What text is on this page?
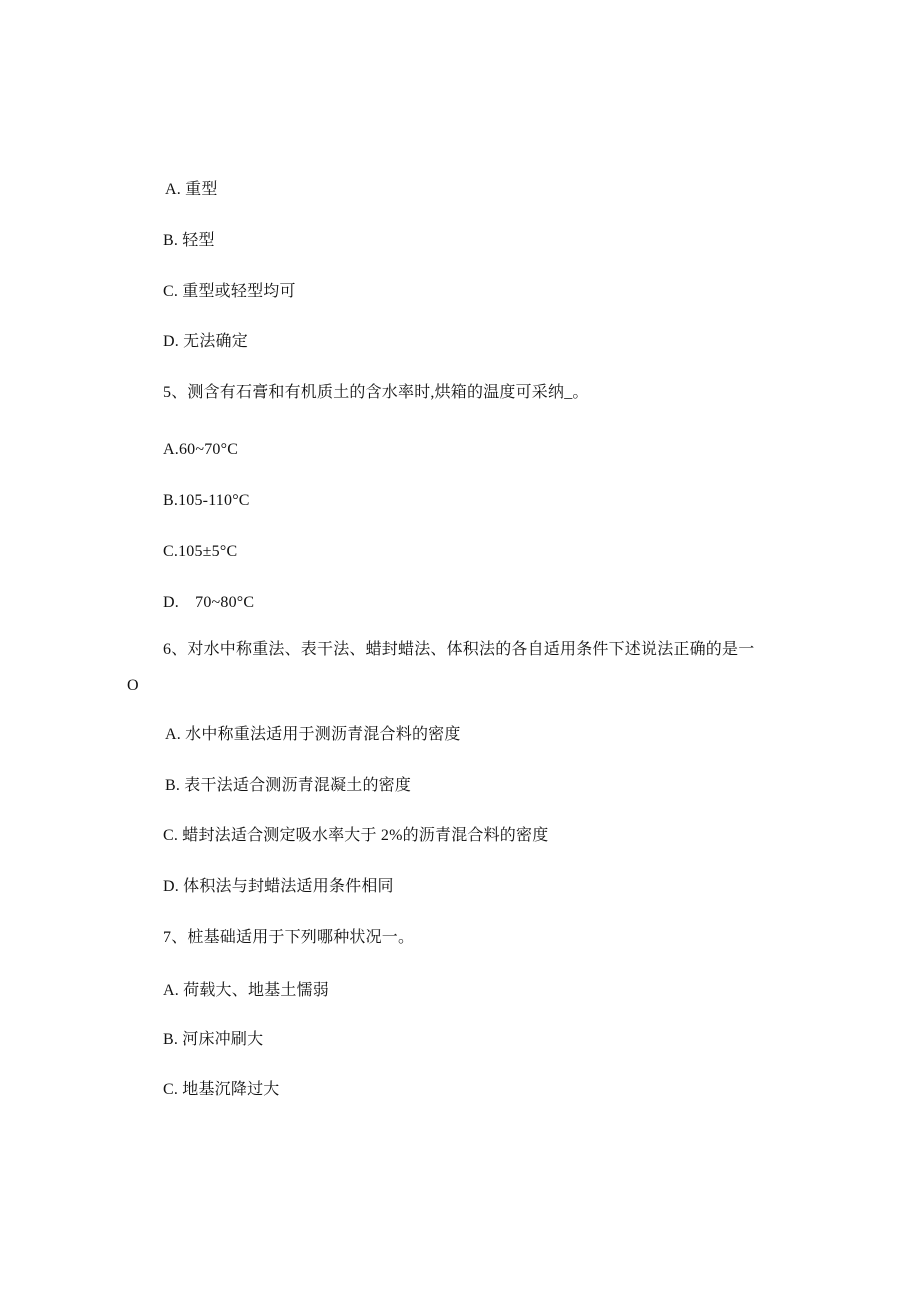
A. 重型
B. 轻型
C. 重型或轻型均可
D. 无法确定
5、测含有石膏和有机质土的含水率时,烘箱的温度可采纳_。
A.60~70°C
B.105-110°C
C.105±5°C
D.　70~80°C
6、对水中称重法、表干法、蜡封蜡法、体积法的各自适用条件下述说法正确的是一
O
A. 水中称重法适用于测沥青混合料的密度
B. 表干法适合测沥青混凝土的密度
C. 蜡封法适合测定吸水率大于 2%的沥青混合料的密度
D. 体积法与封蜡法适用条件相同
7、桩基础适用于下列哪种状况一。
A. 荷载大、地基土懦弱
B. 河床冲刷大
C. 地基沉降过大
